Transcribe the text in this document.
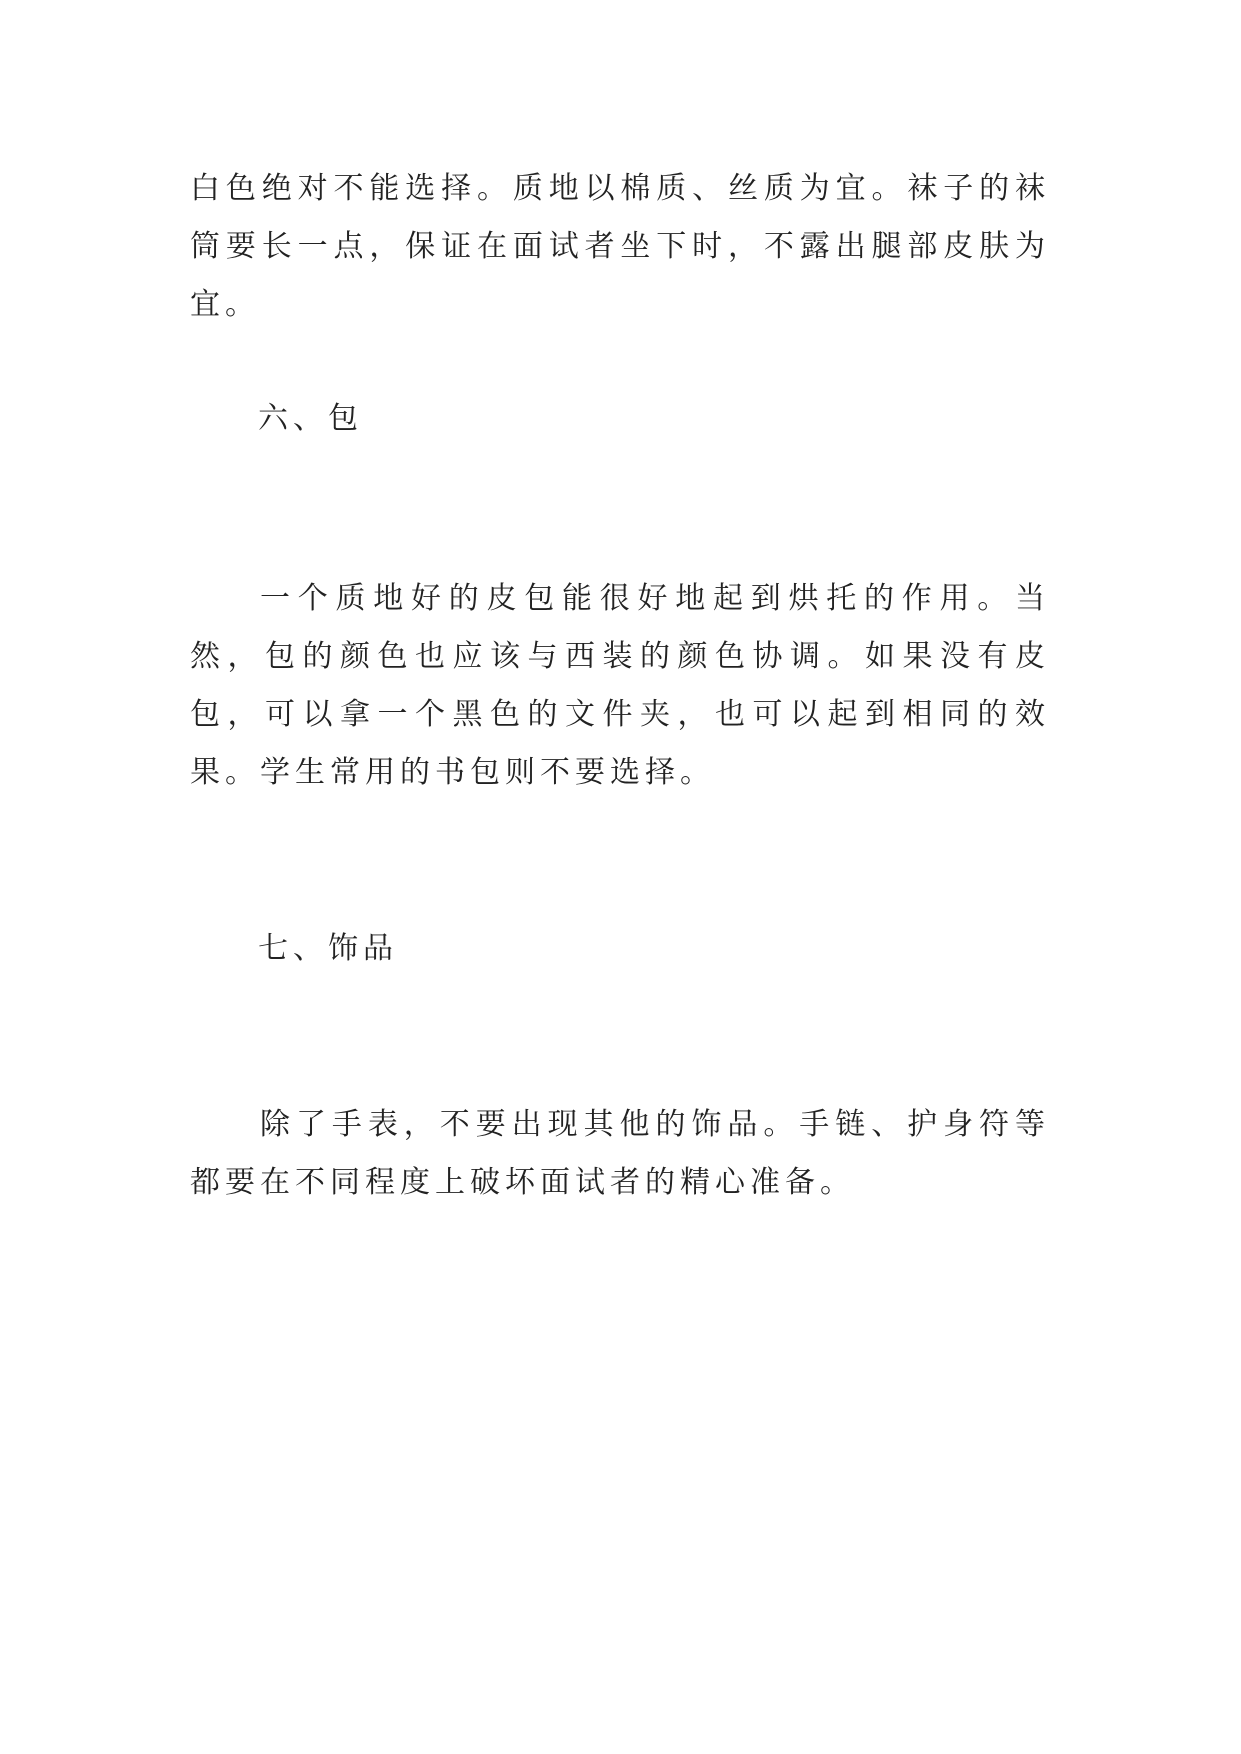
白色绝对不能选择。质地以棉质、丝质为宜。袜子的袜筒要长一点，保证在面试者坐下时，不露出腿部皮肤为宜。

六、包

一个质地好的皮包能很好地起到烘托的作用。当然，包的颜色也应该与西装的颜色协调。如果没有皮包，可以拿一个黑色的文件夹，也可以起到相同的效果。学生常用的书包则不要选择。

七、饰品

除了手表，不要出现其他的饰品。手链、护身符等都要在不同程度上破坏面试者的精心准备。
